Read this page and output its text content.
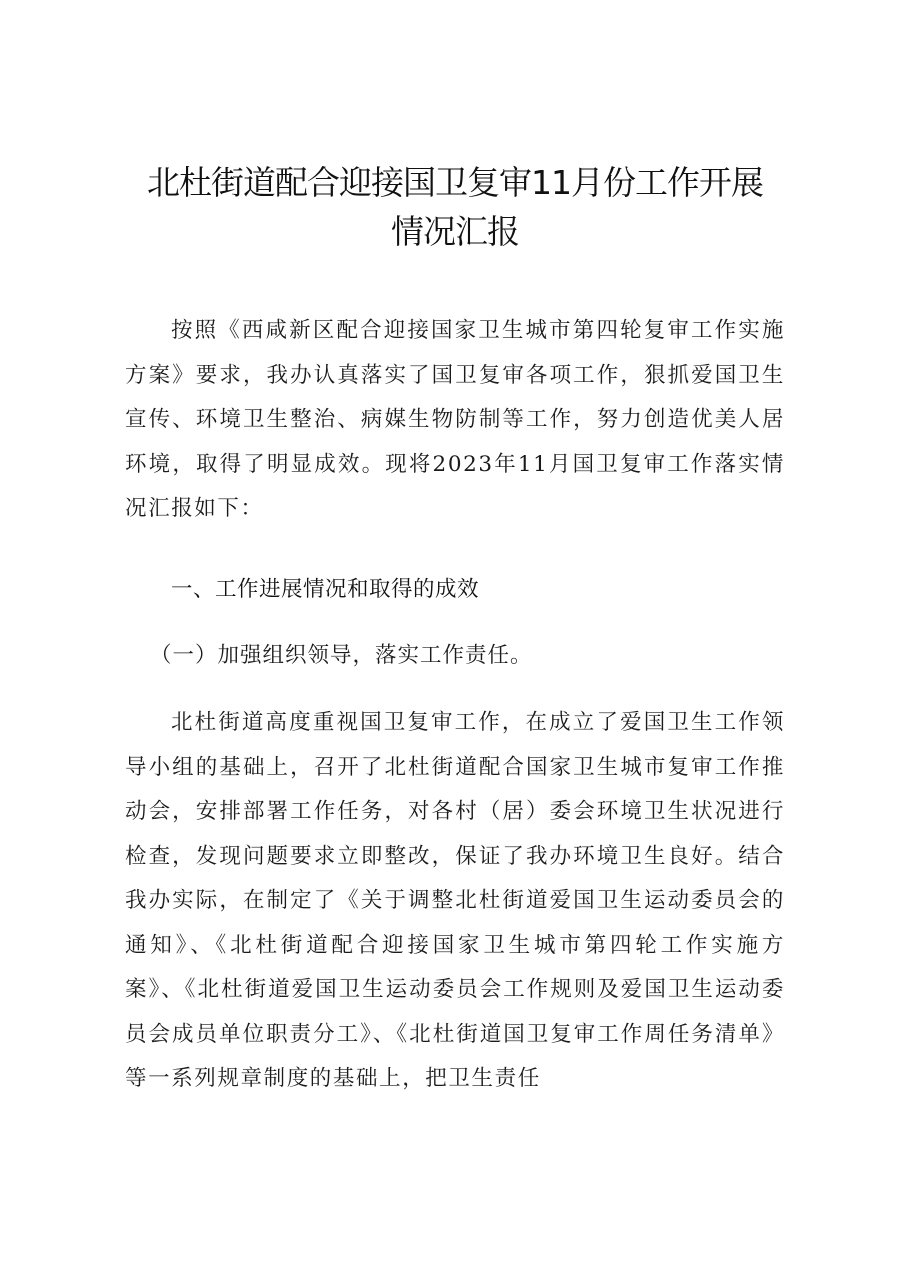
北杜街道配合迎接国卫复审11月份工作开展
情况汇报

按照《西咸新区配合迎接国家卫生城市第四轮复审工作实施方案》要求，我办认真落实了国卫复审各项工作，狠抓爱国卫生宣传、环境卫生整治、病媒生物防制等工作，努力创造优美人居环境，取得了明显成效。现将2023年11月国卫复审工作落实情况汇报如下：

一、工作进展情况和取得的成效
（一）加强组织领导，落实工作责任。

北杜街道高度重视国卫复审工作，在成立了爱国卫生工作领导小组的基础上，召开了北杜街道配合国家卫生城市复审工作推动会，安排部署工作任务，对各村（居）委会环境卫生状况进行检查，发现问题要求立即整改，保证了我办环境卫生良好。结合我办实际，在制定了《关于调整北杜街道爱国卫生运动委员会的通知》、《北杜街道配合迎接国家卫生城市第四轮工作实施方案》、《北杜街道爱国卫生运动委员会工作规则及爱国卫生运动委员会成员单位职责分工》、《北杜街道国卫复审工作周任务清单》等一系列规章制度的基础上，把卫生责任
